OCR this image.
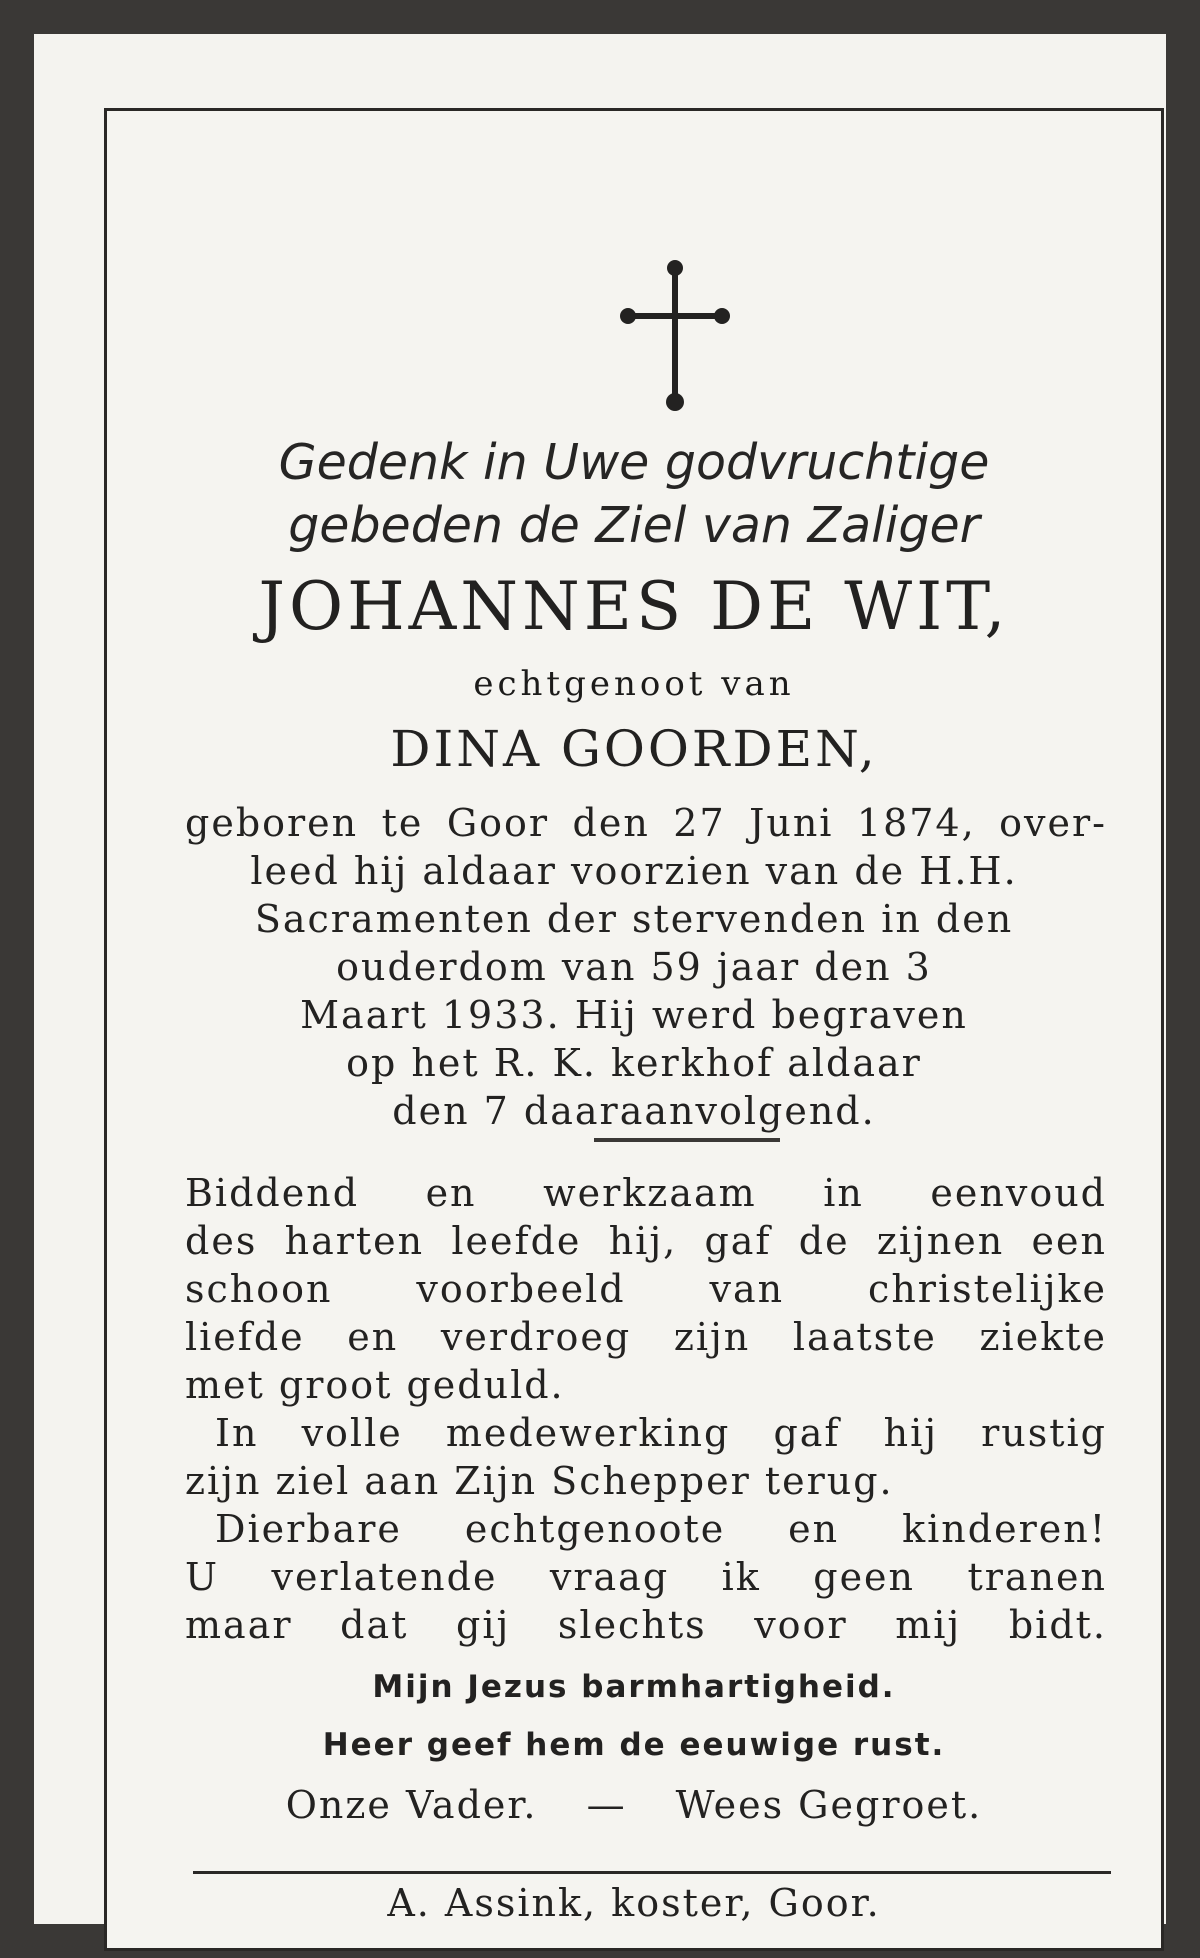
Gedenk in Uwe godvruchtige
gebeden de Ziel van Zaliger
JOHANNES DE WIT,
echtgenoot van
DINA GOORDEN,
geboren te Goor den 27 Juni 1874, over-
leed hij aldaar voorzien van de H.H.
Sacramenten der stervenden in den
ouderdom van 59 jaar den 3
Maart 1933. Hij werd begraven
op het R. K. kerkhof aldaar
den 7 daaraanvolgend.
Biddend en werkzaam in eenvoud
des harten leefde hij, gaf de zijnen een
schoon voorbeeld van christelijke
liefde en verdroeg zijn laatste ziekte
met groot geduld.
In volle medewerking gaf hij rustig
zijn ziel aan Zijn Schepper terug.
Dierbare echtgenoote en kinderen!
U verlatende vraag ik geen tranen
maar dat gij slechts voor mij bidt.
Mijn Jezus barmhartigheid.
Heer geef hem de eeuwige rust.
Onze Vader. — Wees Gegroet.
A. Assink, koster, Goor.
